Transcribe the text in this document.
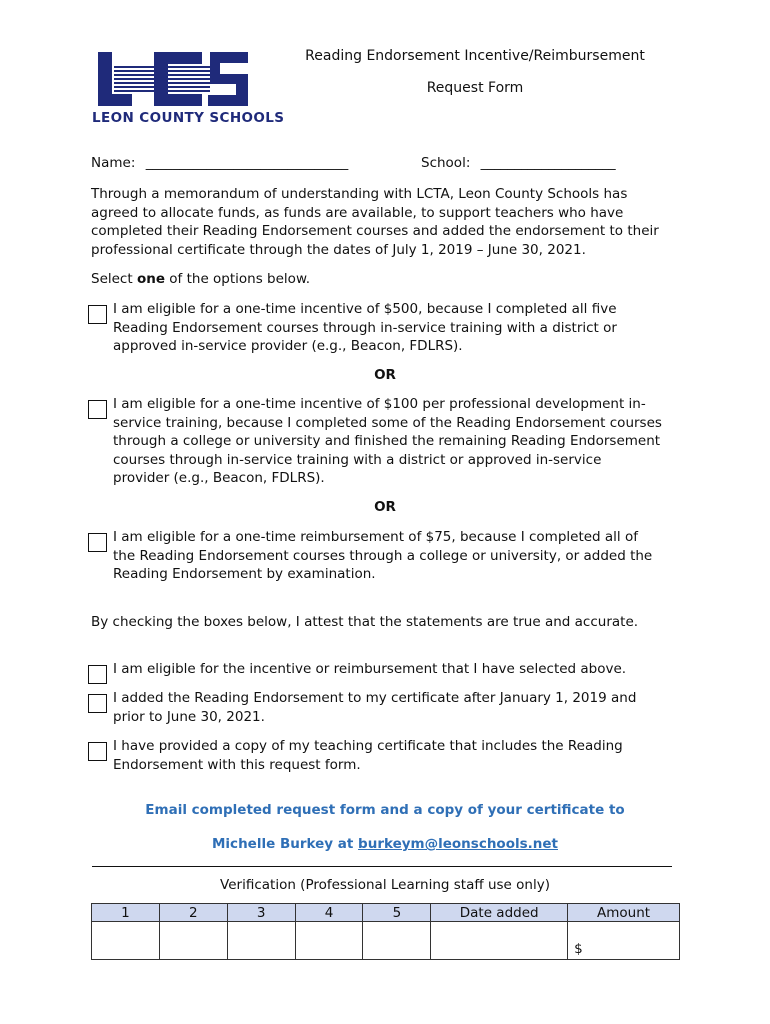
LEON COUNTY SCHOOLS
Reading Endorsement Incentive/Reimbursement
Request Form
Name: ______________________________	School: ____________________
Through a memorandum of understanding with LCTA, Leon County Schools has
agreed to allocate funds, as funds are available, to support teachers who have
completed their Reading Endorsement courses and added the endorsement to their
professional certificate through the dates of July 1, 2019 – June 30, 2021.
Select one of the options below.
I am eligible for a one-time incentive of $500, because I completed all five
Reading Endorsement courses through in-service training with a district or
approved in-service provider (e.g., Beacon, FDLRS).
OR
I am eligible for a one-time incentive of $100 per professional development in-
service training, because I completed some of the Reading Endorsement courses
through a college or university and finished the remaining Reading Endorsement
courses through in-service training with a district or approved in-service
provider (e.g., Beacon, FDLRS).
OR
I am eligible for a one-time reimbursement of $75, because I completed all of
the Reading Endorsement courses through a college or university, or added the
Reading Endorsement by examination.
By checking the boxes below, I attest that the statements are true and accurate.
I am eligible for the incentive or reimbursement that I have selected above.
I added the Reading Endorsement to my certificate after January 1, 2019 and
prior to June 30, 2021.
I have provided a copy of my teaching certificate that includes the Reading
Endorsement with this request form.
Email completed request form and a copy of your certificate to
Michelle Burkey at burkeym@leonschools.net
Verification (Professional Learning staff use only)
1	2	3	4	5	Date added	Amount

						$
